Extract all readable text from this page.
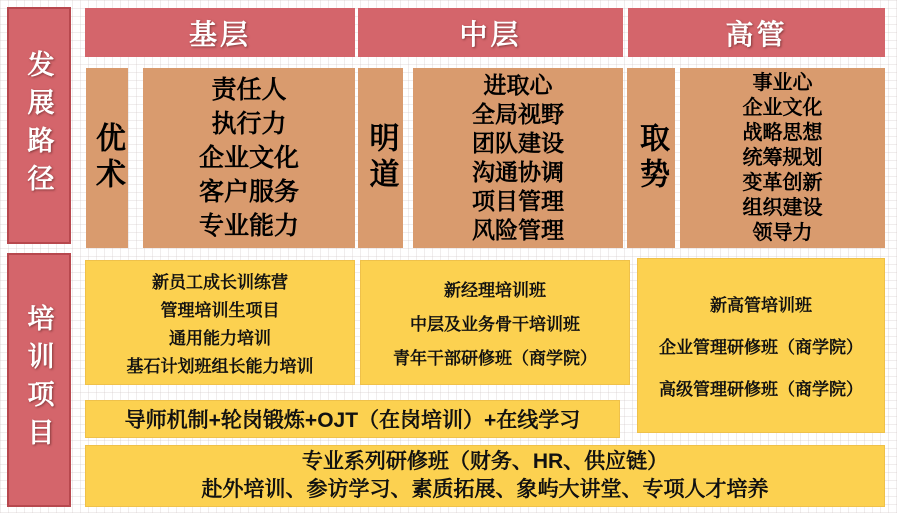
发展路径
培训项目
基层	中层	高管
优术	明道	取势
责任人
执行力
企业文化
客户服务
专业能力
进取心
全局视野
团队建设
沟通协调
项目管理
风险管理
事业心
企业文化
战略思想
统筹规划
变革创新
组织建设
领导力
新员工成长训练营
管理培训生项目
通用能力培训
基石计划班组长能力培训
新经理培训班
中层及业务骨干培训班
青年干部研修班（商学院）
新高管培训班
企业管理研修班（商学院）
高级管理研修班（商学院）
导师机制+轮岗锻炼+OJT（在岗培训）+在线学习
专业系列研修班（财务、HR、供应链）
赴外培训、参访学习、素质拓展、象屿大讲堂、专项人才培养
